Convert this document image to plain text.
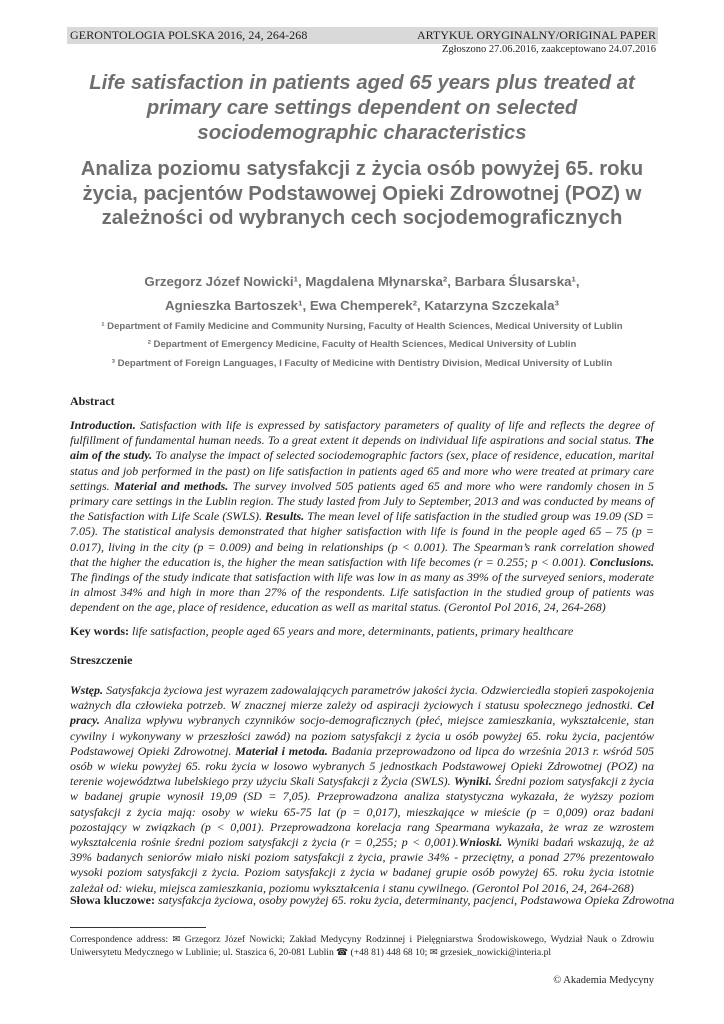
GERONTOLOGIA POLSKA 2016, 24, 264-268	ARTYKUŁ ORYGINALNY/ORIGINAL PAPER
Zgłoszono 27.06.2016, zaakceptowano 24.07.2016
Life satisfaction in patients aged 65 years plus treated at primary care settings dependent on selected sociodemographic characteristics
Analiza poziomu satysfakcji z życia osób powyżej 65. roku życia, pacjentów Podstawowej Opieki Zdrowotnej (POZ) w zależności od wybranych cech socjodemograficznych
Grzegorz Józef Nowicki¹, Magdalena Młynarska², Barbara Ślusarska¹,
Agnieszka Bartoszek¹, Ewa Chemperek², Katarzyna Szczekala³
¹ Department of Family Medicine and Community Nursing, Faculty of Health Sciences, Medical University of Lublin
² Department of Emergency Medicine, Faculty of Health Sciences, Medical University of Lublin
³ Department of Foreign Languages, I Faculty of Medicine with Dentistry Division, Medical University of Lublin
Abstract
Introduction. Satisfaction with life is expressed by satisfactory parameters of quality of life and reflects the degree of fulfillment of fundamental human needs. To a great extent it depends on individual life aspirations and social status. The aim of the study. To analyse the impact of selected sociodemographic factors (sex, place of residence, education, marital status and job performed in the past) on life satisfaction in patients aged 65 and more who were treated at primary care settings. Material and methods. The survey involved 505 patients aged 65 and more who were randomly chosen in 5 primary care settings in the Lublin region. The study lasted from July to September, 2013 and was conducted by means of the Satisfaction with Life Scale (SWLS). Results. The mean level of life satisfaction in the studied group was 19.09 (SD = 7.05). The statistical analysis demonstrated that higher satisfaction with life is found in the people aged 65 – 75 (p = 0.017), living in the city (p = 0.009) and being in relationships (p < 0.001). The Spearman’s rank correlation showed that the higher the education is, the higher the mean satisfaction with life becomes (r = 0.255; p < 0.001). Conclusions. The findings of the study indicate that satisfaction with life was low in as many as 39% of the surveyed seniors, moderate in almost 34% and high in more than 27% of the respondents. Life satisfaction in the studied group of patients was dependent on the age, place of residence, education as well as marital status. (Gerontol Pol 2016, 24, 264-268)
Key words: life satisfaction, people aged 65 years and more, determinants, patients, primary healthcare
Streszczenie
Wstęp. Satysfakcja życiowa jest wyrazem zadowalających parametrów jakości życia. Odzwierciedla stopień zaspokojenia ważnych dla człowieka potrzeb. W znacznej mierze zależy od aspiracji życiowych i statusu społecznego jednostki. Cel pracy. Analiza wpływu wybranych czynników socjo-demograficznych (płeć, miejsce zamieszkania, wykształcenie, stan cywilny i wykonywany w przeszłości zawód) na poziom satysfakcji z życia u osób powyżej 65. roku życia, pacjentów Podstawowej Opieki Zdrowotnej. Materiał i metoda. Badania przeprowadzono od lipca do września 2013 r. wśród 505 osób w wieku powyżej 65. roku życia w losowo wybranych 5 jednostkach Podstawowej Opieki Zdrowotnej (POZ) na terenie województwa lubelskiego przy użyciu Skali Satysfakcji z Życia (SWLS). Wyniki. Średni poziom satysfakcji z życia w badanej grupie wynosił 19,09 (SD = 7,05). Przeprowadzona analiza statystyczna wykazała, że wyższy poziom satysfakcji z życia mają: osoby w wieku 65-75 lat (p = 0,017), mieszkające w mieście (p = 0,009) oraz badani pozostający w związkach (p < 0,001). Przeprowadzona korelacja rang Spearmana wykazała, że wraz ze wzrostem wykształcenia rośnie średni poziom satysfakcji z życia (r = 0,255; p < 0,001).Wnioski. Wyniki badań wskazują, że aż 39% badanych seniorów miało niski poziom satysfakcji z życia, prawie 34% - przeciętny, a ponad 27% prezentowało wysoki poziom satysfakcji z życia. Poziom satysfakcji z życia w badanej grupie osób powyżej 65. roku życia istotnie zależał od: wieku, miejsca zamieszkania, poziomu wykształcenia i stanu cywilnego. (Gerontol Pol 2016, 24, 264-268)
Słowa kluczowe: satysfakcja życiowa, osoby powyżej 65. roku życia, determinanty, pacjenci, Podstawowa Opieka Zdrowotna
Correspondence address: ✉ Grzegorz Józef Nowicki; Zakład Medycyny Rodzinnej i Pielęgniarstwa Środowiskowego, Wydział Nauk o Zdrowiu Uniwersytetu Medycznego w Lublinie; ul. Staszica 6, 20-081 Lublin ☎ (+48 81) 448 68 10; ✉ grzesiek_nowicki@interia.pl
© Akademia Medycyny
